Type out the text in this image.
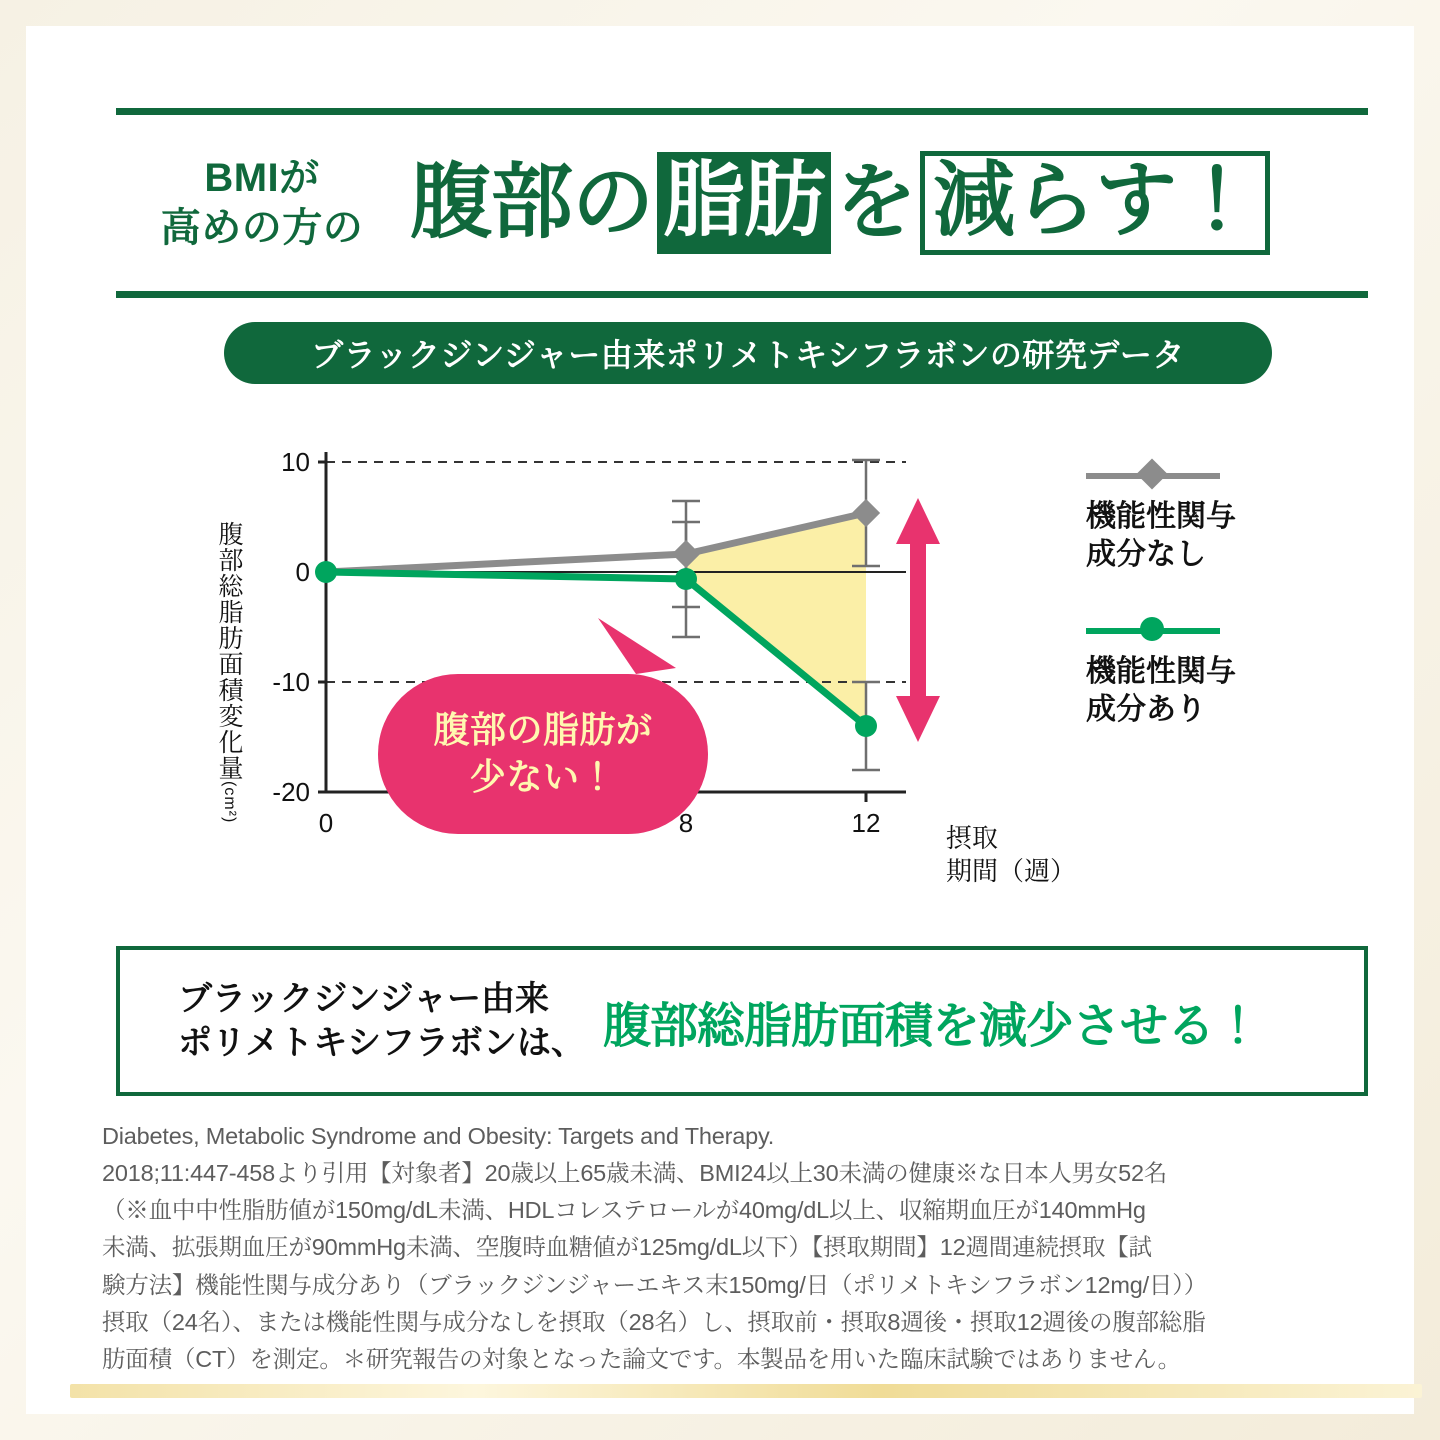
BMIが
高めの方の 腹部の 脂肪 を 減らす！
ブラックジンジャー由来ポリメトキシフラボンの研究データ
腹部総脂肪面積変化量
(cm²)
10
0
-10
-20
0	8	12	摂取
期間（週）
腹部の脂肪が
少ない！
機能性関与
成分なし
機能性関与
成分あり
ブラックジンジャー由来
ポリメトキシフラボンは、 腹部総脂肪面積を減少させる！

Diabetes, Metabolic Syndrome and Obesity: Targets and Therapy.

2018;11:447-458より引用【対象者】20歳以上65歳未満、BMI24以上30未満の健康※な日本人男女52名

（※血中中性脂肪値が150mg/dL未満、HDLコレステロールが40mg/dL以上、収縮期血圧が140mmHg

未満、拡張期血圧が90mmHg未満、空腹時血糖値が125mg/dL以下）【摂取期間】12週間連続摂取【試

験方法】機能性関与成分あり（ブラックジンジャーエキス末150mg/日（ポリメトキシフラボン12mg/日））

摂取（24名）、または機能性関与成分なしを摂取（28名）し、摂取前・摂取8週後・摂取12週後の腹部総脂

肪面積（CT）を測定。＊研究報告の対象となった論文です。本製品を用いた臨床試験ではありません。
